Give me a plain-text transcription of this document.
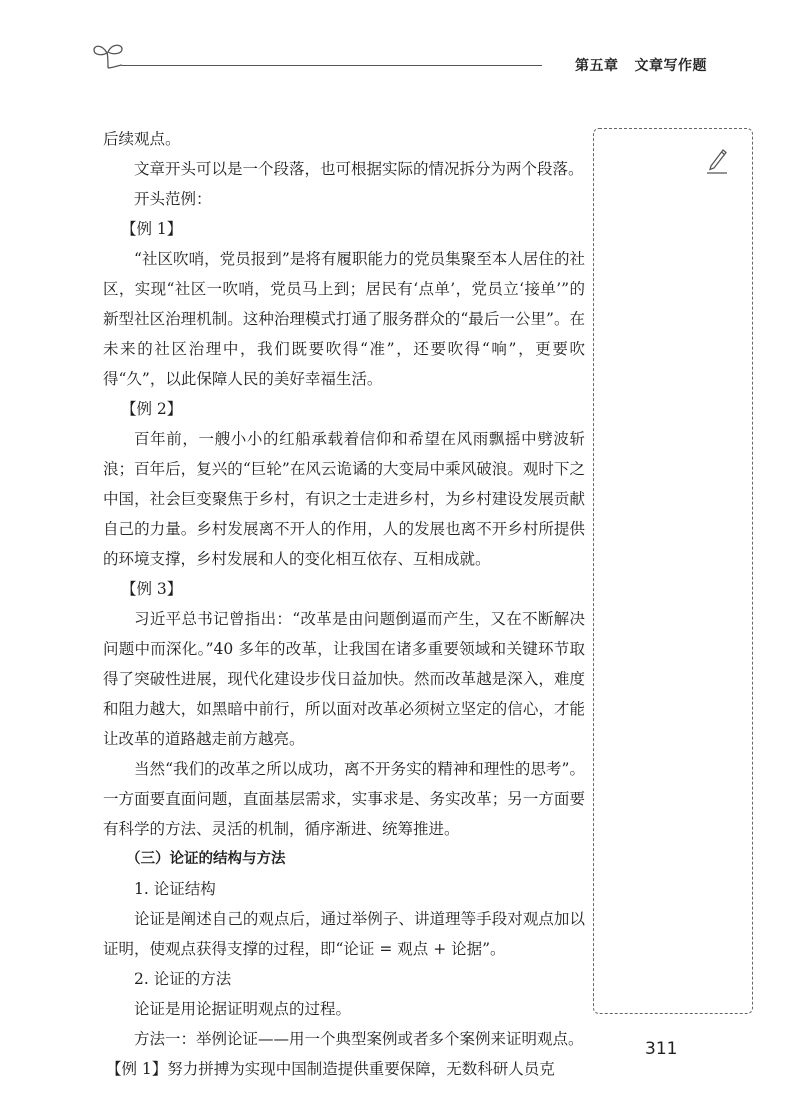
第五章 文章写作题

后续观点。

文章开头可以是一个段落，也可根据实际的情况拆分为两个段落。

开头范例：

【例 1】

“社区吹哨，党员报到”是将有履职能力的党员集聚至本人居住的社区，实现“社区一吹哨，党员马上到；居民有‘点单’，党员立‘接单’”的新型社区治理机制。这种治理模式打通了服务群众的“最后一公里”。在未来的社区治理中，我们既要吹得“准”，还要吹得“响”，更要吹得“久”，以此保障人民的美好幸福生活。

【例 2】

百年前，一艘小小的红船承载着信仰和希望在风雨飘摇中劈波斩浪；百年后，复兴的“巨轮”在风云诡谲的大变局中乘风破浪。观时下之中国，社会巨变聚焦于乡村，有识之士走进乡村，为乡村建设发展贡献自己的力量。乡村发展离不开人的作用，人的发展也离不开乡村所提供的环境支撑，乡村发展和人的变化相互依存、互相成就。

【例 3】

习近平总书记曾指出：“改革是由问题倒逼而产生，又在不断解决问题中而深化。”40 多年的改革，让我国在诸多重要领域和关键环节取得了突破性进展，现代化建设步伐日益加快。然而改革越是深入，难度和阻力越大，如黑暗中前行，所以面对改革必须树立坚定的信心，才能让改革的道路越走前方越亮。

当然“我们的改革之所以成功，离不开务实的精神和理性的思考”。一方面要直面问题，直面基层需求，实事求是、务实改革；另一方面要有科学的方法、灵活的机制，循序渐进、统筹推进。

（三）论证的结构与方法

1. 论证结构

论证是阐述自己的观点后，通过举例子、讲道理等手段对观点加以证明，使观点获得支撑的过程，即“论证 = 观点 + 论据”。

2. 论证的方法

论证是用论据证明观点的过程。

方法一：举例论证——用一个典型案例或者多个案例来证明观点。

【例 1】努力拼搏为实现中国制造提供重要保障，无数科研人员克

311
